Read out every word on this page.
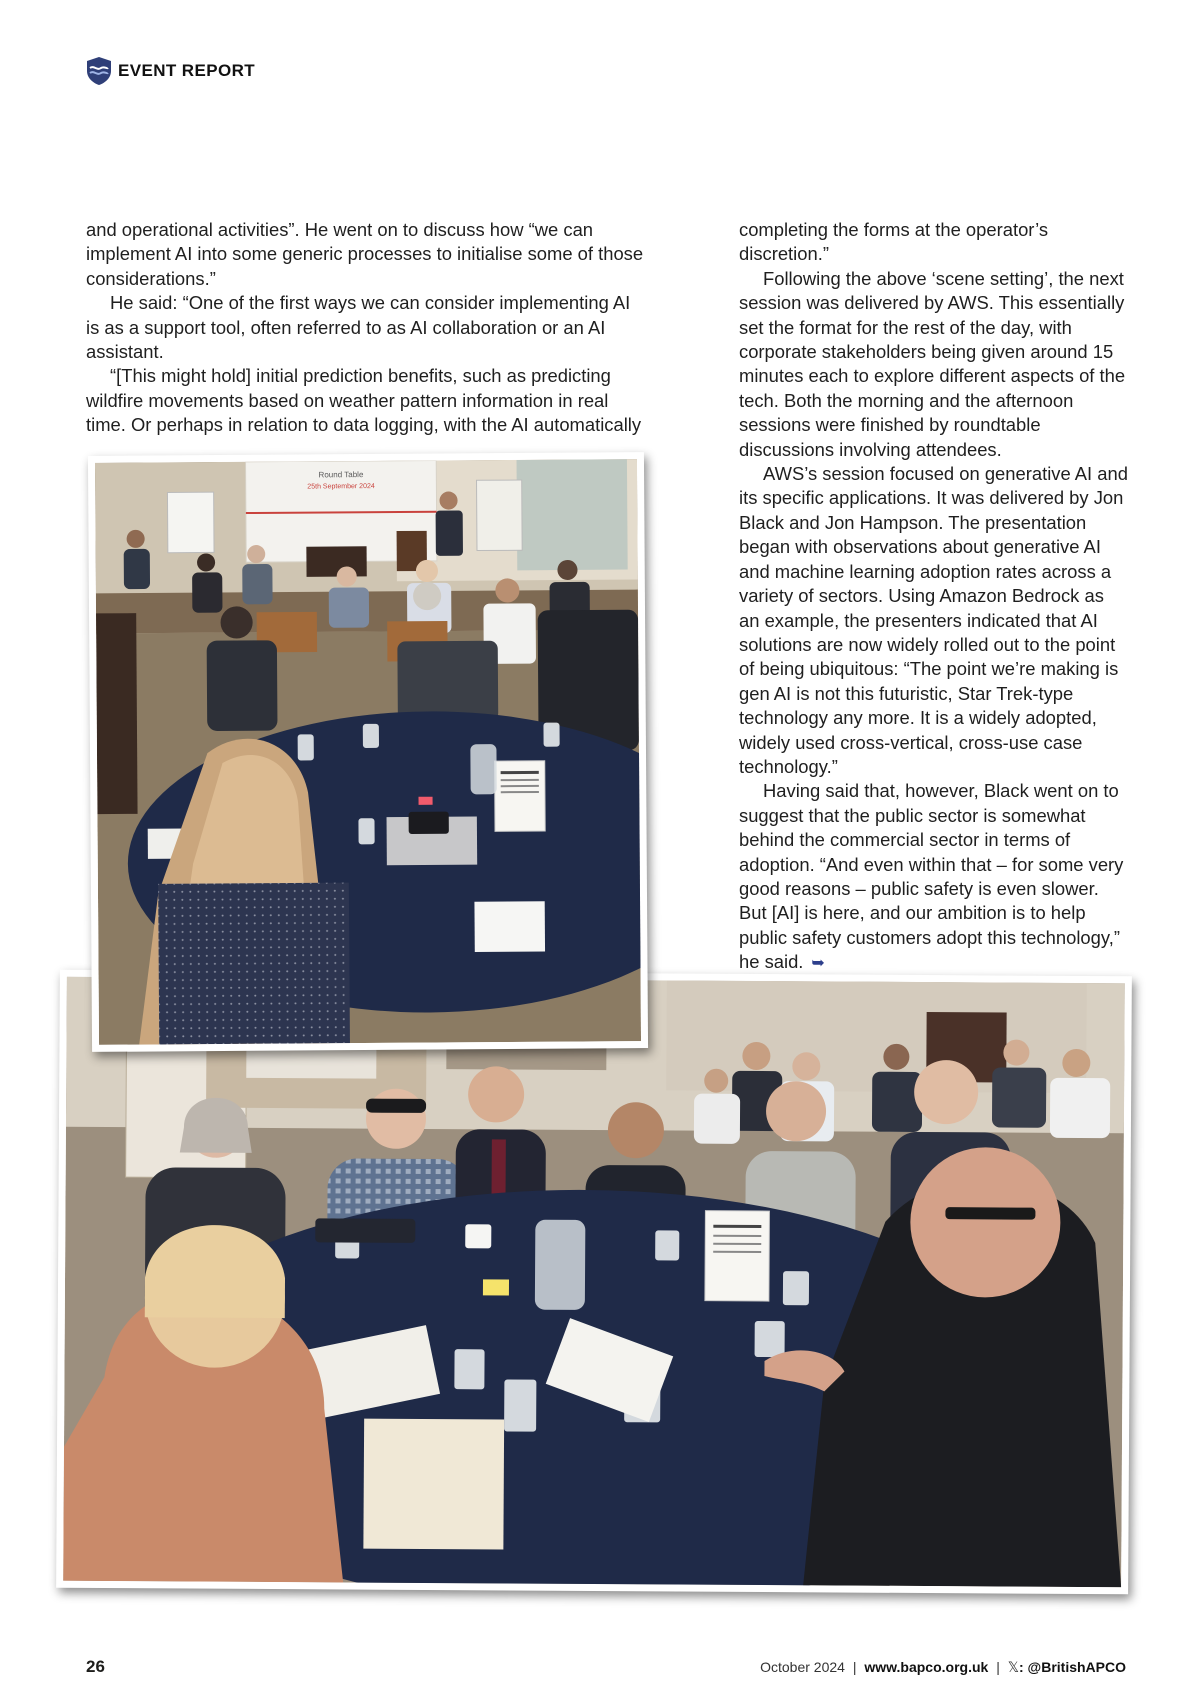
EVENT REPORT

and operational activities”. He went on to discuss how “we can implement AI into some generic processes to initialise some of those considerations.”

He said: “One of the first ways we can consider implementing AI is as a support tool, often referred to as AI collaboration or an AI assistant.

“[This might hold] initial prediction benefits, such as predicting wildfire movements based on weather pattern information in real time. Or perhaps in relation to data logging, with the AI automatically

completing the forms at the operator’s discretion.”

Following the above ‘scene setting’, the next session was delivered by AWS. This essentially set the format for the rest of the day, with corporate stakeholders being given around 15 minutes each to explore different aspects of the tech. Both the morning and the afternoon sessions were finished by roundtable discussions involving attendees.

AWS’s session focused on generative AI and its specific applications. It was delivered by Jon Black and Jon Hampson. The presentation began with observations about generative AI and machine learning adoption rates across a variety of sectors. Using Amazon Bedrock as an example, the presenters indicated that AI solutions are now widely rolled out to the point of being ubiquitous: “The point we’re making is gen AI is not this futuristic, Star Trek-type technology any more. It is a widely adopted, widely used cross-vertical, cross-use case technology.”

Having said that, however, Black went on to suggest that the public sector is somewhat behind the commercial sector in terms of adoption. “And even within that – for some very good reasons – public safety is even slower. But [AI] is here, and our ambition is to help public safety customers adopt this technology,” he said. ➥

Round Table
25th September 2024
26	October 2024 | www.bapco.org.uk | 𝕏: @BritishAPCO
